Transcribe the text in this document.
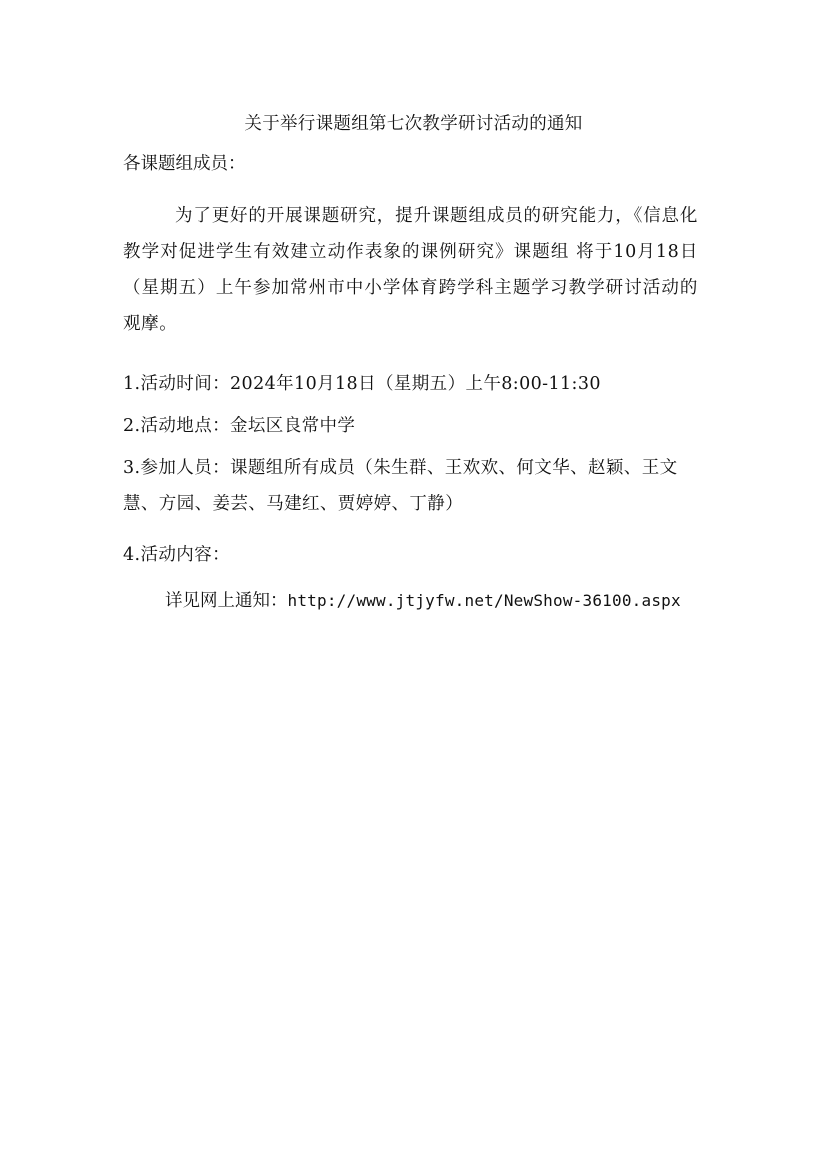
关于举行课题组第七次教学研讨活动的通知
各课题组成员：
为了更好的开展课题研究，提升课题组成员的研究能力，《信息化教学对促进学生有效建立动作表象的课例研究》课题组 将于10月18日（星期五）上午参加常州市中小学体育跨学科主题学习教学研讨活动的观摩。
1.活动时间：2024年10月18日（星期五）上午8:00-11:30
2.活动地点：金坛区良常中学
3.参加人员：课题组所有成员（朱生群、王欢欢、何文华、赵颖、王文慧、方园、姜芸、马建红、贾婷婷、丁静）
4.活动内容：
详见网上通知：http://www.jtjyfw.net/NewShow-36100.aspx
